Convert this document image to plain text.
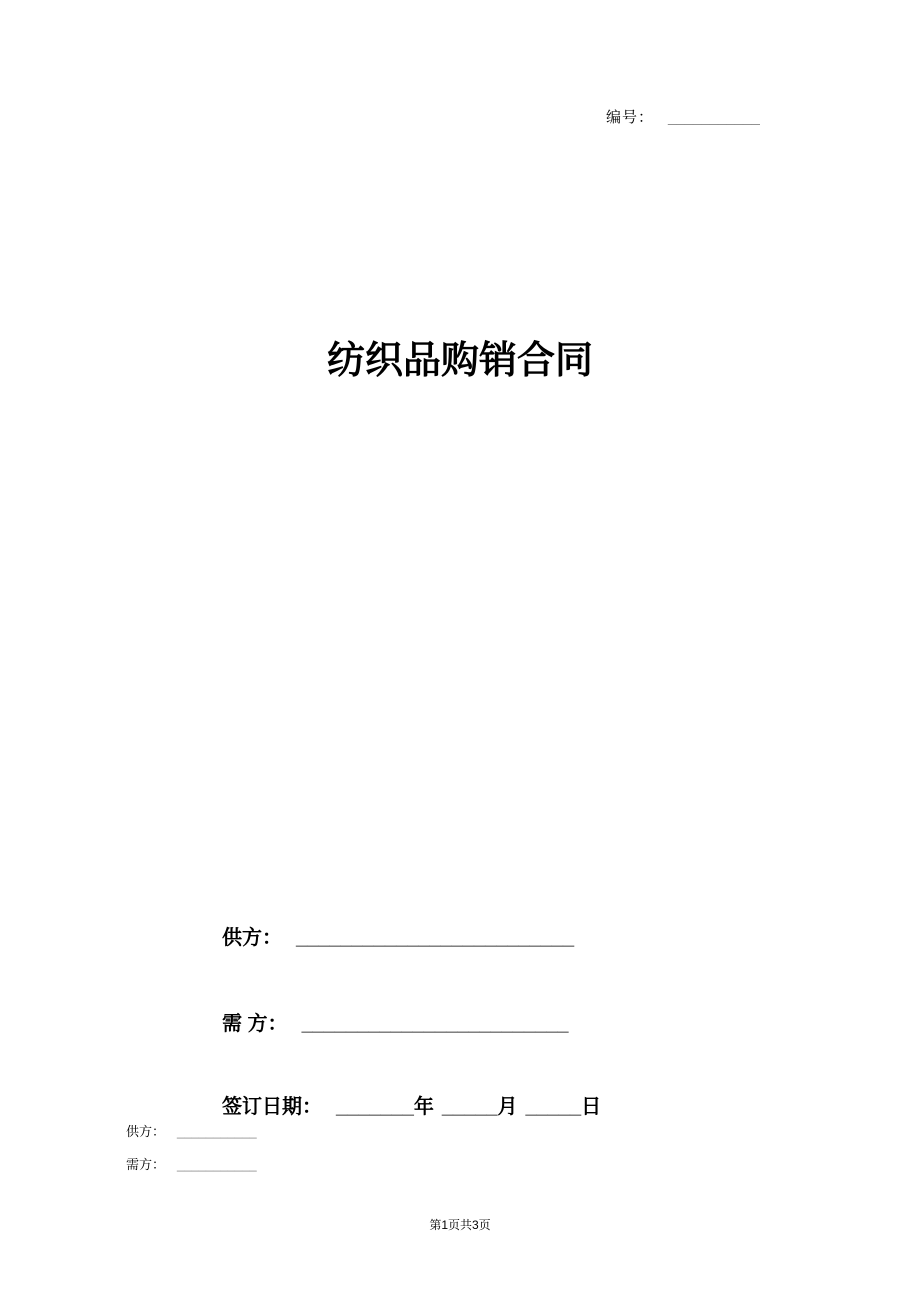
编号： ___________
纺织品购销合同
供方： _________________________
需 方： ________________________
签订日期： _______年 _____月 _____日
供方： ___________
需方： ___________
第1页共3页
